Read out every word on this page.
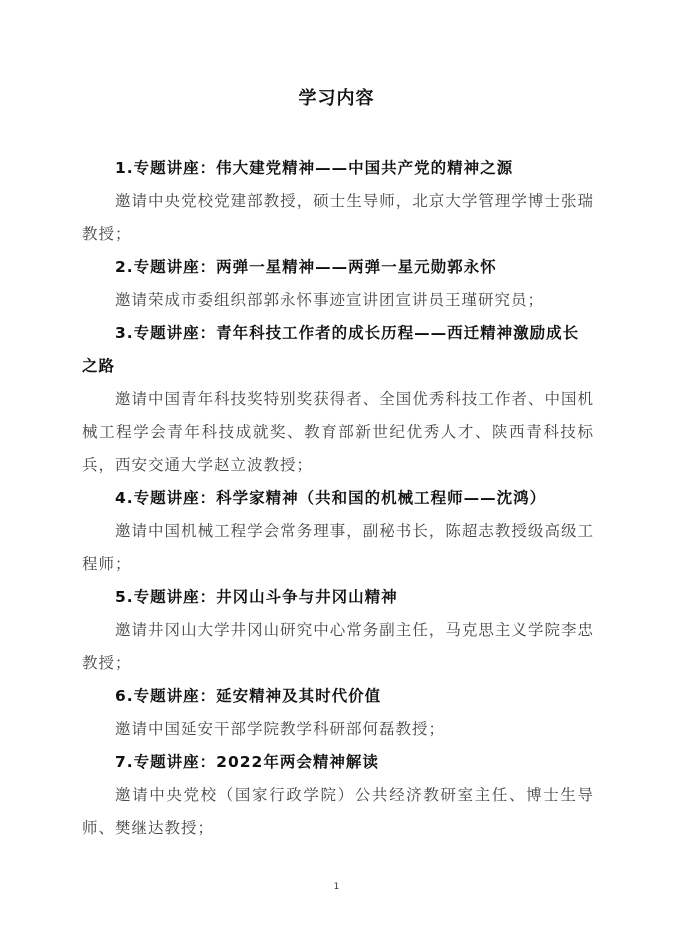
学习内容

1.专题讲座：伟大建党精神——中国共产党的精神之源

邀请中央党校党建部教授，硕士生导师，北京大学管理学博士张瑞教授；

2.专题讲座：两弹一星精神——两弹一星元勋郭永怀

邀请荣成市委组织部郭永怀事迹宣讲团宣讲员王瑾研究员；

3.专题讲座：青年科技工作者的成长历程——西迁精神激励成长之路

邀请中国青年科技奖特别奖获得者、全国优秀科技工作者、中国机械工程学会青年科技成就奖、教育部新世纪优秀人才、陕西青科技标兵，西安交通大学赵立波教授；

4.专题讲座：科学家精神（共和国的机械工程师——沈鸿）

邀请中国机械工程学会常务理事，副秘书长，陈超志教授级高级工程师；

5.专题讲座：井冈山斗争与井冈山精神

邀请井冈山大学井冈山研究中心常务副主任，马克思主义学院李忠教授；

6.专题讲座：延安精神及其时代价值

邀请中国延安干部学院教学科研部何磊教授；

7.专题讲座：2022年两会精神解读

邀请中央党校（国家行政学院）公共经济教研室主任、博士生导师、樊继达教授；

1
